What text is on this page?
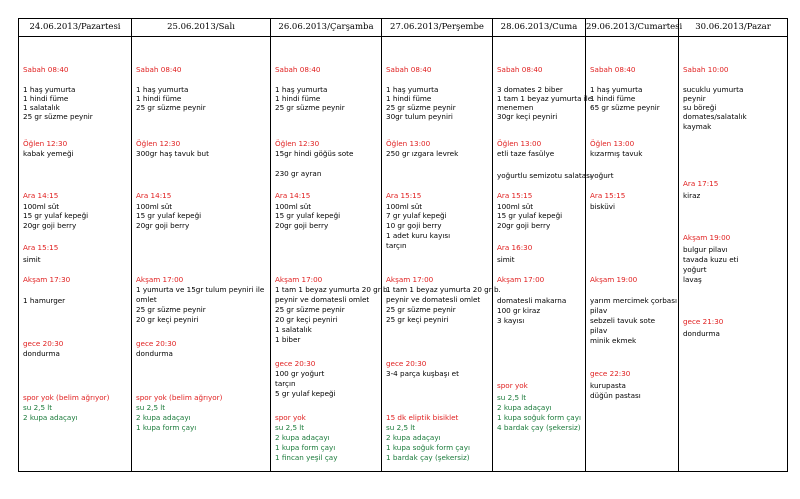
24.06.2013/Pazartesi
Sabah 08:40
1 haş yumurta
1 hindi füme
1 salatalık
25 gr süzme peynir
Öğlen 12:30
kabak yemeği
Ara 14:15
100ml süt
15 gr yulaf kepeği
20gr goji berry
Ara 15:15
simit
Akşam 17:30
1 hamurger
gece 20:30
dondurma
spor yok (belim ağrıyor)
su 2,5 lt
2 kupa adaçayı
25.06.2013/Salı
Sabah 08:40
1 haş yumurta
1 hindi füme
25 gr süzme peynir
Öğlen 12:30
300gr haş tavuk but
Ara 14:15
100ml süt
15 gr yulaf kepeği
20gr goji berry
Akşam 17:00
1 yumurta ve 15gr tulum peyniri ile
omlet
25 gr süzme peynir
20 gr keçi peyniri
gece 20:30
dondurma
spor yok (belim ağrıyor)
su 2,5 lt
2 kupa adaçayı
1 kupa form çayı
26.06.2013/Çarşamba
Sabah 08:40
1 haş yumurta
1 hindi füme
25 gr süzme peynir
Öğlen 12:30
15gr hindi göğüs sote
230 gr ayran
Ara 14:15
100ml süt
15 gr yulaf kepeği
20gr goji berry
Akşam 17:00
1 tam 1 beyaz yumurta 20 gr b.
peynir ve domatesli omlet
25 gr süzme peynir
20 gr keçi peyniri
1 salatalık
1 biber
gece 20:30
100 gr yoğurt
tarçın
5 gr yulaf kepeği
spor yok
su 2,5 lt
2 kupa adaçayı
1 kupa form çayı
1 fincan yeşil çay
27.06.2013/Perşembe
Sabah 08:40
1 haş yumurta
1 hindi füme
25 gr süzme peynir
30gr tulum peyniri
Öğlen 13:00
250 gr ızgara levrek
Ara 15:15
100ml süt
7 gr yulaf kepeği
10 gr goji berry
1 adet kuru kayısı
tarçın
Akşam 17:00
1 tam 1 beyaz yumurta 20 gr b.
peynir ve domatesli omlet
25 gr süzme peynir
25 gr keçi peyniri
gece 20:30
3-4 parça kuşbaşı et
15 dk eliptik bisiklet
su 2,5 lt
2 kupa adaçayı
1 kupa soğuk form çayı
1 bardak çay (şekersiz)
28.06.2013/Cuma
Sabah 08:40
3 domates 2 biber
1 tam 1 beyaz yumurta ile
menemen
30gr keçi peyniri
Öğlen 13:00
etli taze fasülye
yoğurtlu semizotu salatası
Ara 15:15
100ml süt
15 gr yulaf kepeği
20gr goji berry
Ara 16:30
simit
Akşam 17:00
domatesli makarna
100 gr kiraz
3 kayısı
spor yok
su 2,5 lt
2 kupa adaçayı
1 kupa soğuk form çayı
4 bardak çay (şekersiz)
29.06.2013/Cumartesi
Sabah 08:40
1 haş yumurta
1 hindi füme
65 gr süzme peynir
Öğlen 13:00
kızarmış tavuk
yoğurt
Ara 15:15
bisküvi
Akşam 19:00
yarım mercimek çorbası
pilav
sebzeli tavuk sote
pilav
minik ekmek
gece 22:30
kurupasta
düğün pastası
30.06.2013/Pazar
Sabah 10:00
sucuklu yumurta
peynir
su böreği
domates/salatalık
kaymak
Ara 17:15
kiraz
Akşam 19:00
bulgur pilavı
tavada kuzu eti
yoğurt
lavaş
gece 21:30
dondurma
